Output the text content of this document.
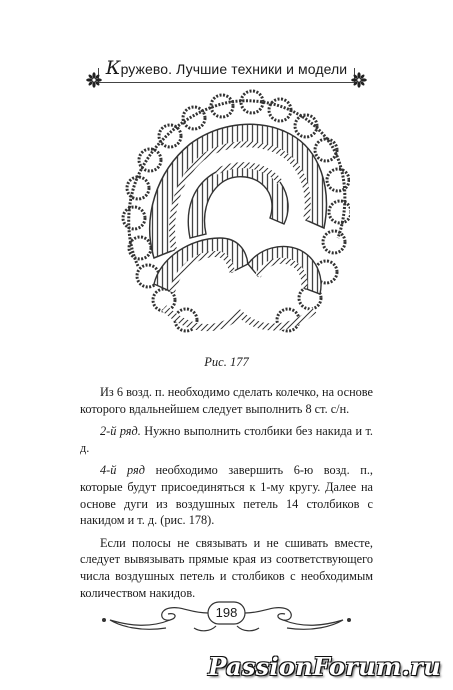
Кружево. Лучшие техники и модели
Рис. 177

Из 6 возд. п. необходимо сделать колечко, на основе которого вдальнейшем следует выполнить 8 ст. с/н.

2-й ряд. Нужно выполнить столбики без накида и т. д.

4-й ряд необходимо завершить 6-ю возд. п., которые будут присоединяться к 1-му кругу. Далее на основе дуги из воздушных петель 14 столбиков с накидом и т. д. (рис. 178).

Если полосы не связывать и не сшивать вместе, следует вывязывать прямые края из соответствующего числа воздушных петель и столбиков с необходимым количеством накидов.

198
PassionForum.ru
